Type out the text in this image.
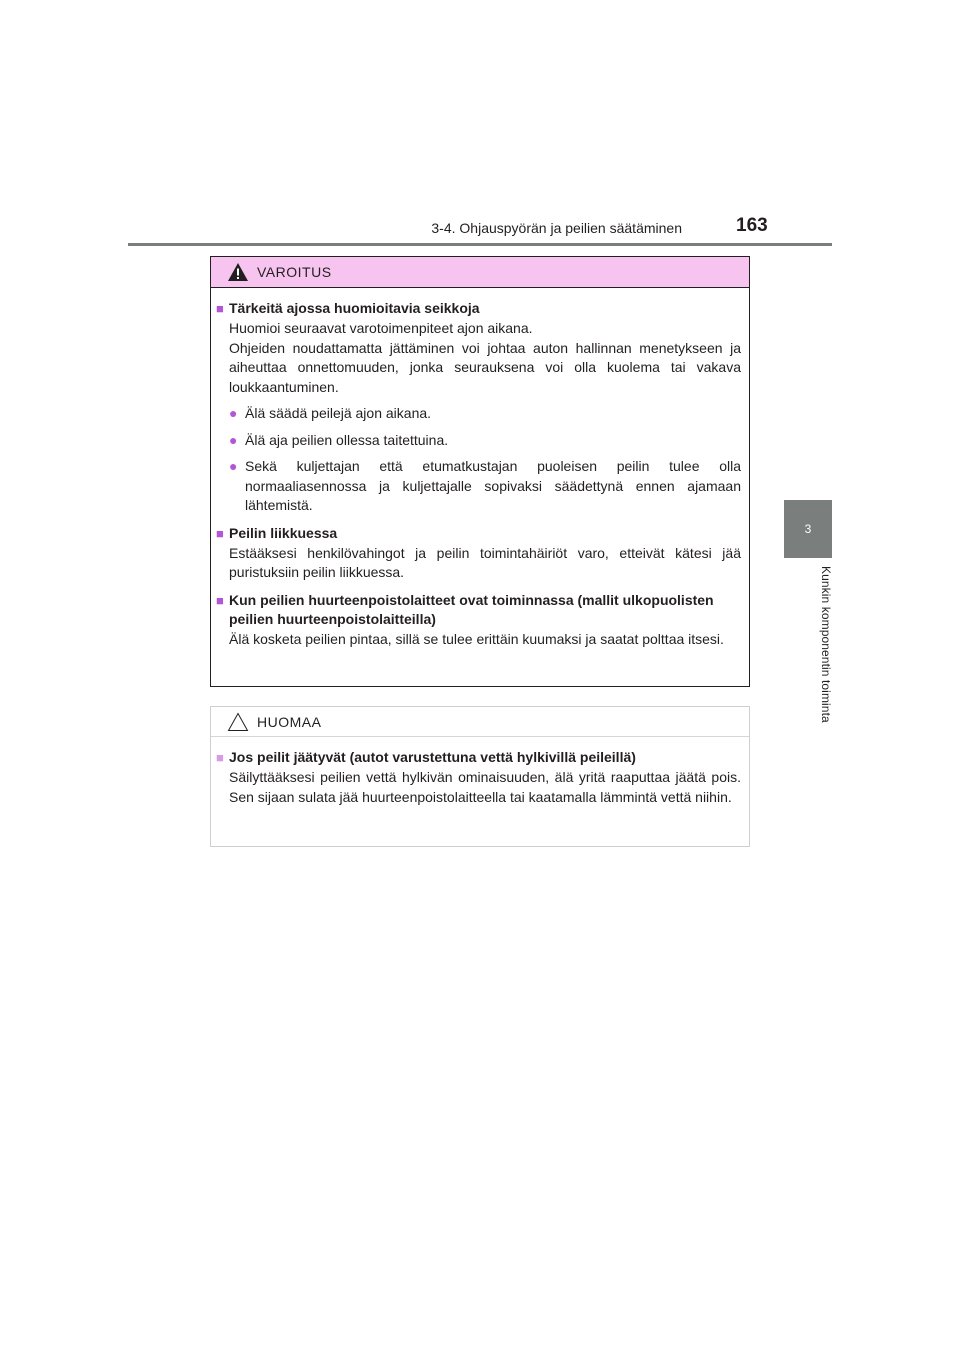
3-4. Ohjauspyörän ja peilien säätäminen	163
3
Kunkin komponentin toiminta
VAROITUS
■ Tärkeitä ajossa huomioitavia seikkoja
Huomioi seuraavat varotoimenpiteet ajon aikana.
Ohjeiden noudattamatta jättäminen voi johtaa auton hallinnan menetykseen ja aiheuttaa onnettomuuden, jonka seurauksena voi olla kuolema tai vakava loukkaantuminen.
● Älä säädä peilejä ajon aikana.
● Älä aja peilien ollessa taitettuina.
● Sekä kuljettajan että etumatkustajan puoleisen peilin tulee olla normaaliasennossa ja kuljettajalle sopivaksi säädettynä ennen ajamaan lähtemistä.
■ Peilin liikkuessa
Estääksesi henkilövahingot ja peilin toimintahäiriöt varo, etteivät kätesi jää puristuksiin peilin liikkuessa.
■ Kun peilien huurteenpoistolaitteet ovat toiminnassa (mallit ulkopuolisten peilien huurteenpoistolaitteilla)
Älä kosketa peilien pintaa, sillä se tulee erittäin kuumaksi ja saatat polttaa itsesi.
HUOMAA
■ Jos peilit jäätyvät (autot varustettuna vettä hylkivillä peileillä)
Säilyttääksesi peilien vettä hylkivän ominaisuuden, älä yritä raaputtaa jäätä pois. Sen sijaan sulata jää huurteenpoistolaitteella tai kaatamalla lämmintä vettä niihin.
